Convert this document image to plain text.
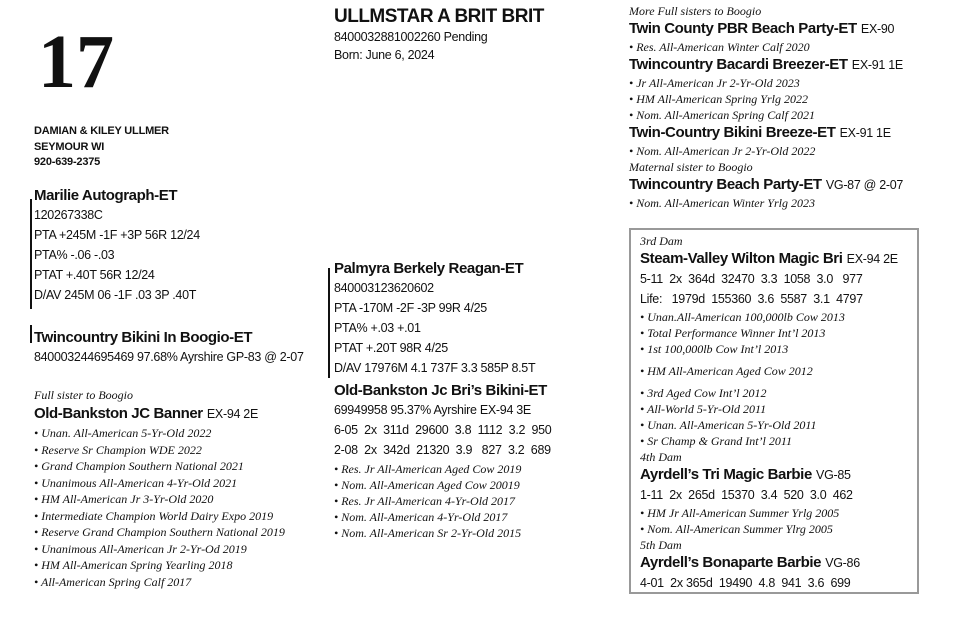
17
DAMIAN & KILEY ULLMER
SEYMOUR WI
920-639-2375
Marilie Autograph-ET
120267338C
PTA +245M -1F +3P 56R 12/24
PTA% -.06 -.03
PTAT +.40T 56R 12/24
D/AV 245M 06 -1F .03 3P .40T
Twincountry Bikini In Boogio-ET
840003244695469 97.68% Ayrshire GP-83 @ 2-07
Full sister to Boogio
Old-Bankston JC Banner EX-94 2E
• Unan. All-American 5-Yr-Old 2022
• Reserve Sr Champion WDE 2022
• Grand Champion Southern National 2021
• Unanimous All-American 4-Yr-Old 2021
• HM All-American Jr 3-Yr-Old 2020
• Intermediate Champion World Dairy Expo 2019
• Reserve Grand Champion Southern National 2019
• Unanimous All-American Jr 2-Yr-Od 2019
• HM All-American Spring Yearling 2018
• All-American Spring Calf 2017
ULLMSTAR A BRIT BRIT
8400032881002260 Pending
Born: June 6, 2024
Palmyra Berkely Reagan-ET
840003123620602
PTA -170M -2F -3P 99R 4/25
PTA% +.03 +.01
PTAT +.20T 98R 4/25
D/AV 17976M 4.1 737F 3.3 585P 8.5T
Old-Bankston Jc Bri’s Bikini-ET
69949958 95.37% Ayrshire EX-94 3E
6-05  2x  311d  29600  3.8  1112  3.2  950
2-08  2x  342d  21320  3.9   827  3.2  689
• Res. Jr All-American Aged Cow 2019
• Nom. All-American Aged Cow 20019
• Res. Jr All-American 4-Yr-Old 2017
• Nom. All-American 4-Yr-Old 2017
• Nom. All-American Sr 2-Yr-Old 2015
More Full sisters to Boogio
Twin County PBR Beach Party-ET EX-90
• Res. All-American Winter Calf 2020
Twincountry Bacardi Breezer-ET EX-91 1E
• Jr All-American Jr 2-Yr-Old 2023
• HM All-American Spring Yrlg 2022
• Nom. All-American Spring Calf 2021
Twin-Country Bikini Breeze-ET EX-91 1E
• Nom. All-American Jr 2-Yr-Old 2022
Maternal sister to Boogio
Twincountry Beach Party-ET VG-87 @ 2-07
• Nom. All-American Winter Yrlg 2023
3rd Dam
Steam-Valley Wilton Magic Bri EX-94 2E
5-11  2x  364d  32470  3.3  1058  3.0   977
Life:   1979d  155360  3.6  5587  3.1  4797
• Unan.All-American 100,000lb Cow 2013
• Total Performance Winner Int’l 2013
• 1st 100,000lb Cow Int’l 2013
• HM All-American Aged Cow 2012
• 3rd Aged Cow Int’l 2012
• All-World 5-Yr-Old 2011
• Unan. All-American 5-Yr-Old 2011
• Sr Champ & Grand Int’l 2011
4th Dam
Ayrdell’s Tri Magic Barbie VG-85
1-11  2x  265d  15370  3.4  520  3.0  462
• HM Jr All-American Summer Yrlg 2005
• Nom. All-American Summer Ylrg 2005
5th Dam
Ayrdell’s Bonaparte Barbie VG-86
4-01  2x 365d  19490  4.8  941  3.6  699
